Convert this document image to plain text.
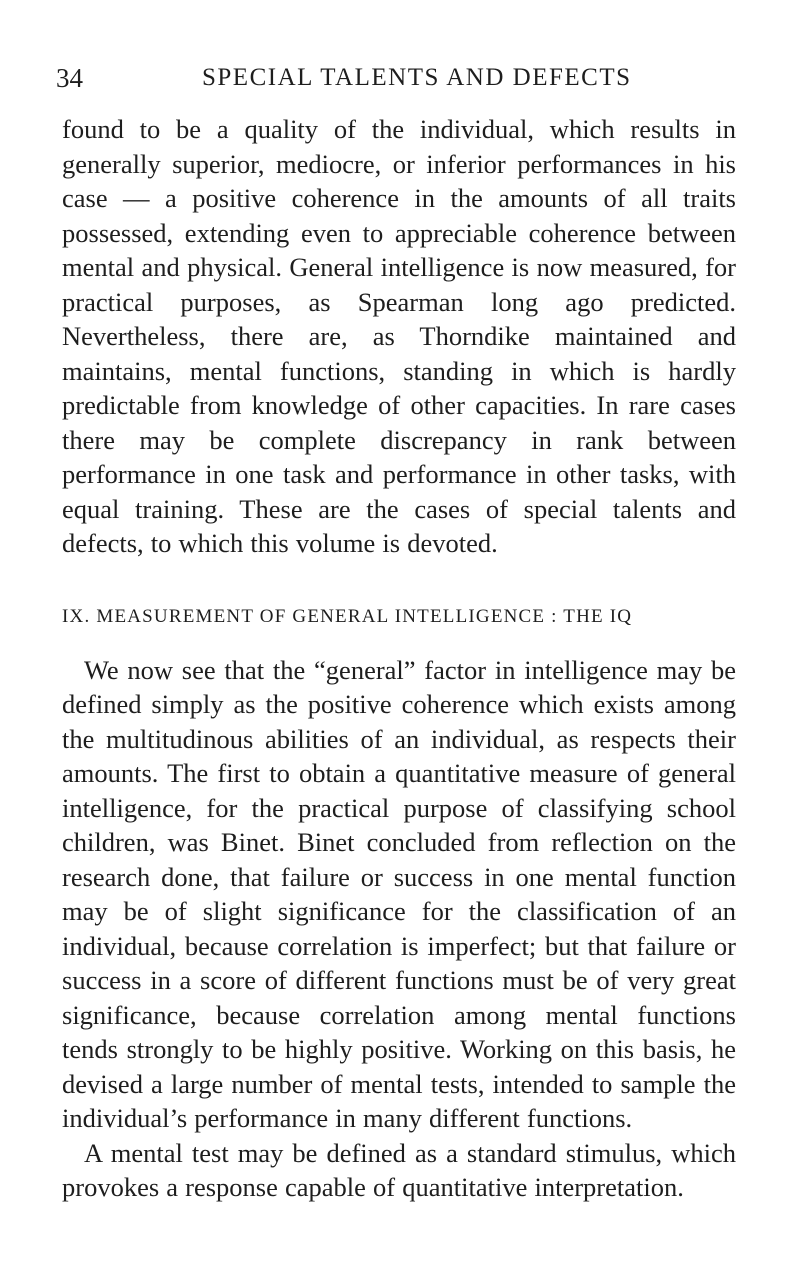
34	SPECIAL TALENTS AND DEFECTS

found to be a quality of the individual, which results in generally superior, mediocre, or inferior performances in his case — a positive coherence in the amounts of all traits possessed, extending even to appreciable coherence between mental and physical. General intelligence is now measured, for practical purposes, as Spearman long ago predicted. Nevertheless, there are, as Thorndike maintained and maintains, mental functions, standing in which is hardly predictable from knowledge of other capacities. In rare cases there may be complete discrepancy in rank between performance in one task and performance in other tasks, with equal training. These are the cases of special talents and defects, to which this volume is devoted.

IX. MEASUREMENT OF GENERAL INTELLIGENCE : THE IQ

We now see that the “general” factor in intelligence may be defined simply as the positive coherence which exists among the multitudinous abilities of an individual, as respects their amounts. The first to obtain a quantitative measure of general intelligence, for the practical purpose of classifying school children, was Binet. Binet concluded from reflection on the research done, that failure or success in one mental function may be of slight significance for the classification of an individual, because correlation is imperfect; but that failure or success in a score of different functions must be of very great significance, because correlation among mental functions tends strongly to be highly positive. Working on this basis, he devised a large number of mental tests, intended to sample the individual’s performance in many different functions.

A mental test may be defined as a standard stimulus, which provokes a response capable of quantitative interpretation.
